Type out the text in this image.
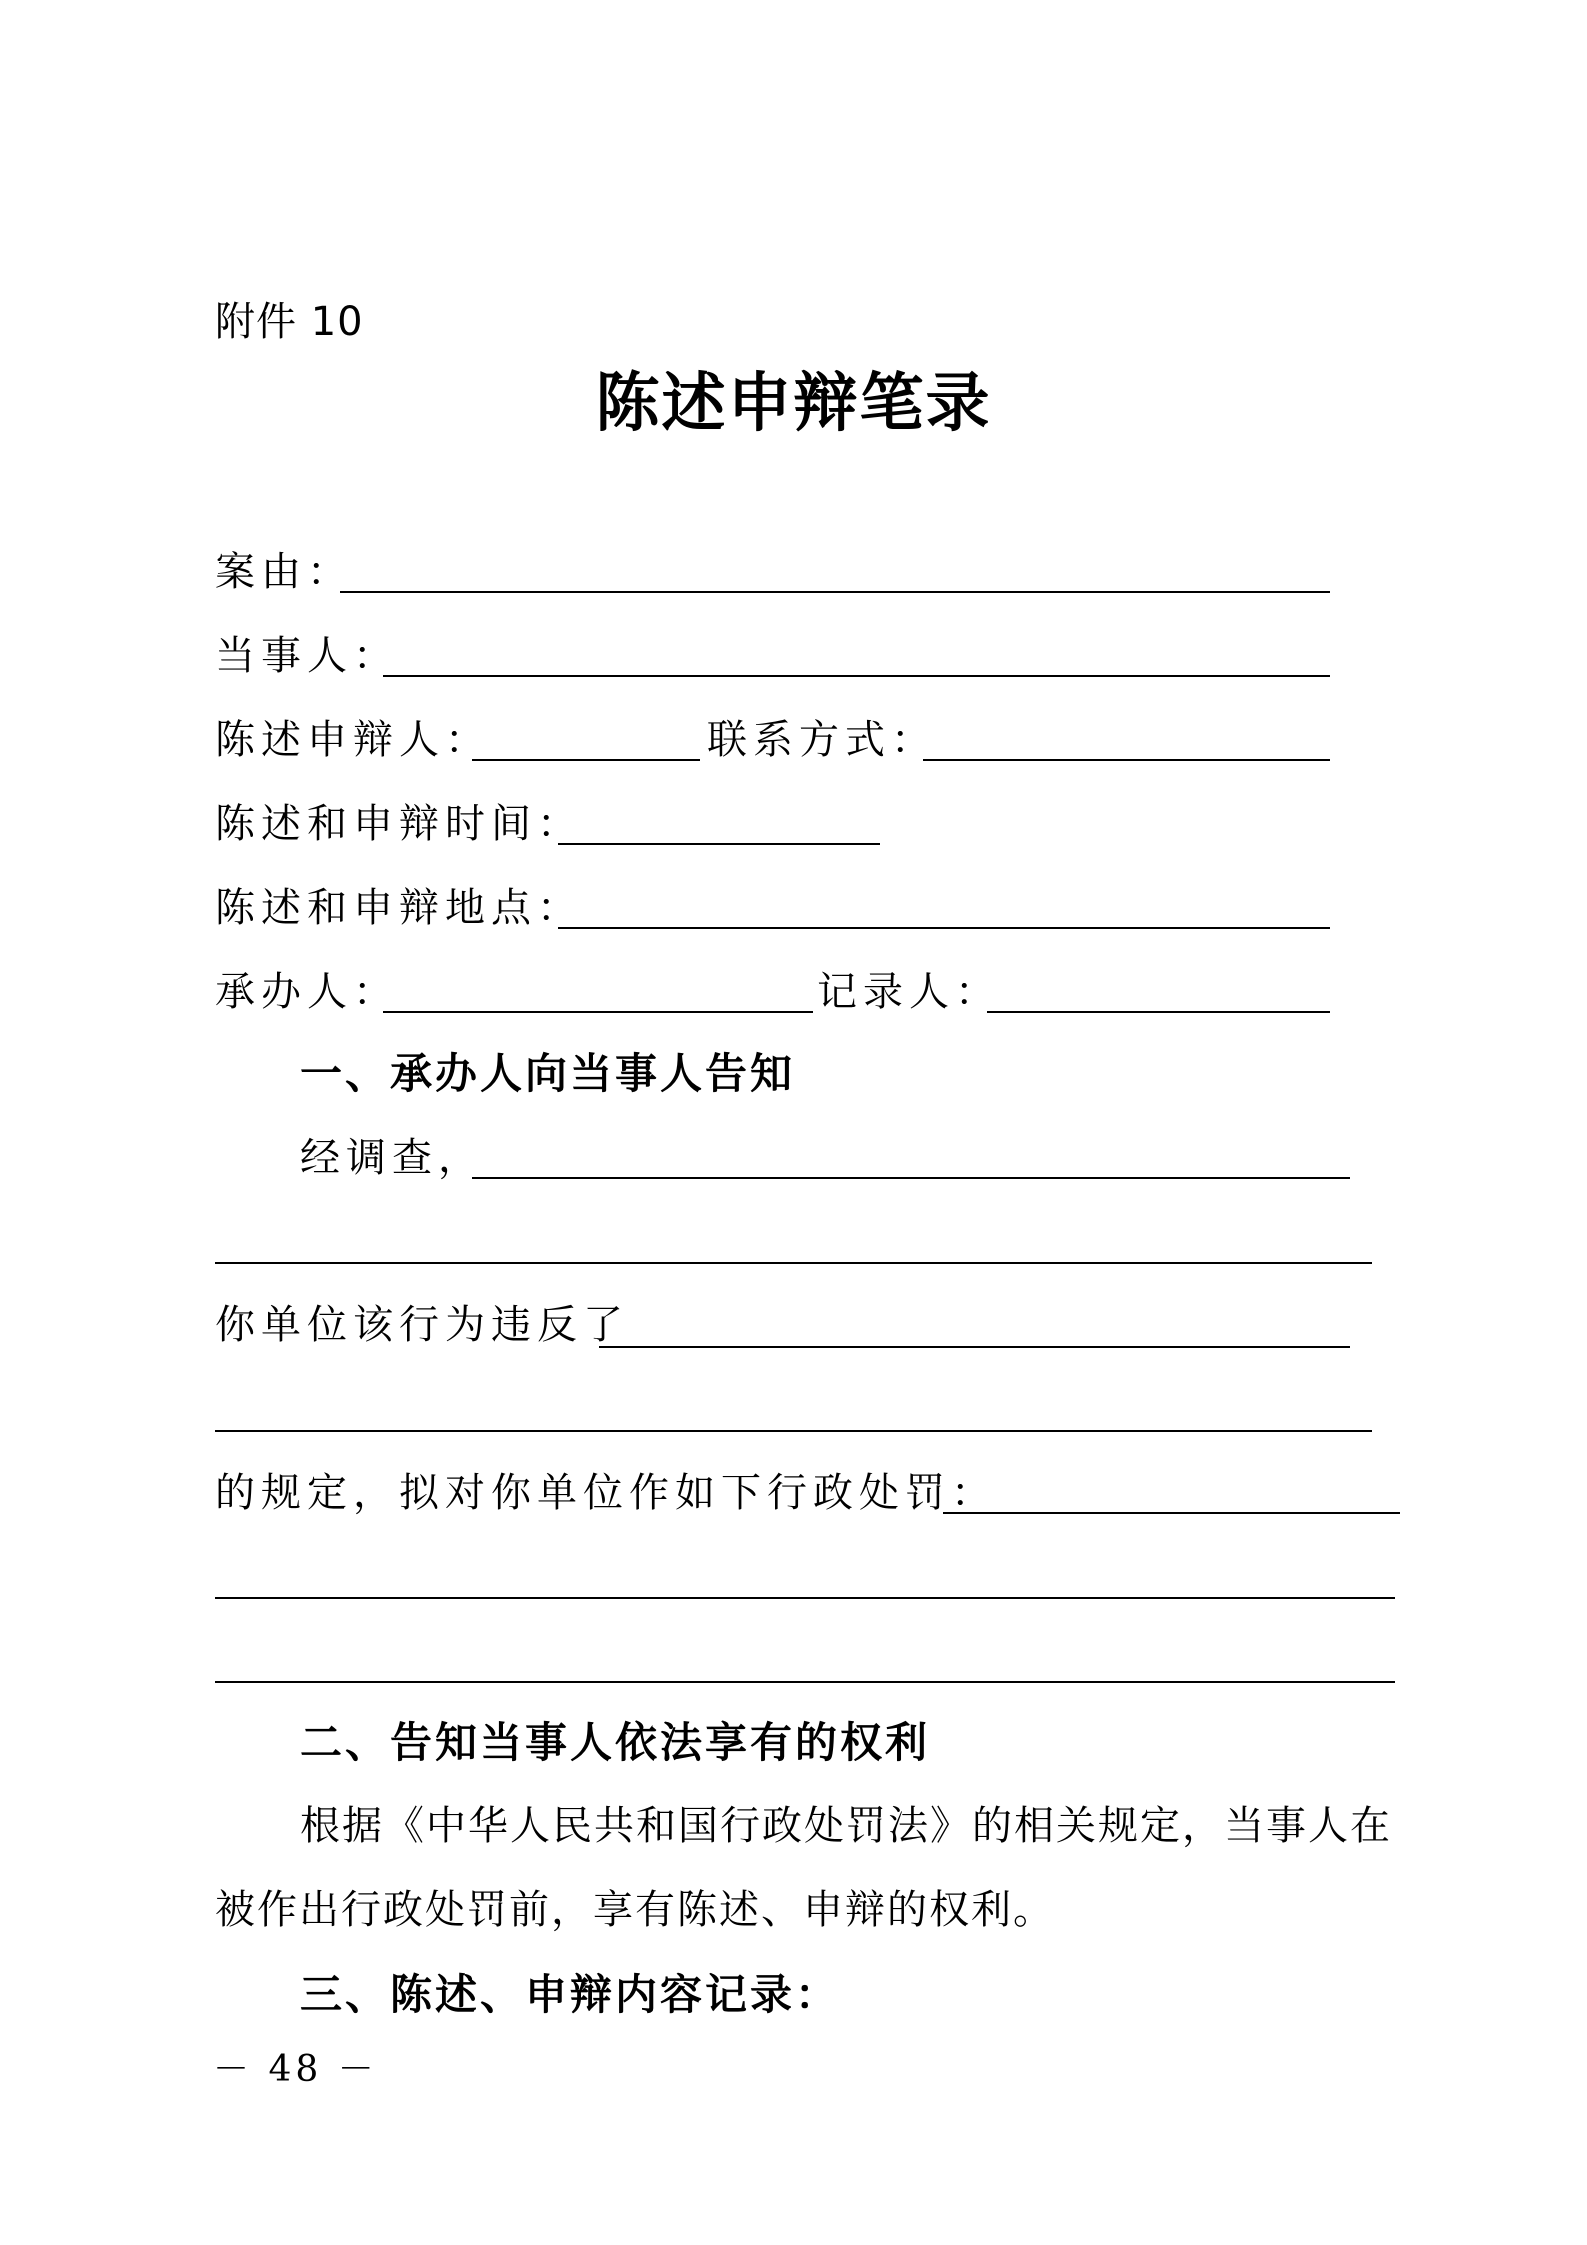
附件 10
陈述申辩笔录
案由：
当事人：
陈述申辩人：	联系方式：
陈述和申辩时间：
陈述和申辩地点：
承办人：	记录人：
一、承办人向当事人告知
经调查，
你单位该行为违反了
的规定，拟对你单位作如下行政处罚：
二、告知当事人依法享有的权利
根据《中华人民共和国行政处罚法》的相关规定，当事人在
被作出行政处罚前，享有陈述、申辩的权利。
三、陈述、申辩内容记录：
－ 48 －
